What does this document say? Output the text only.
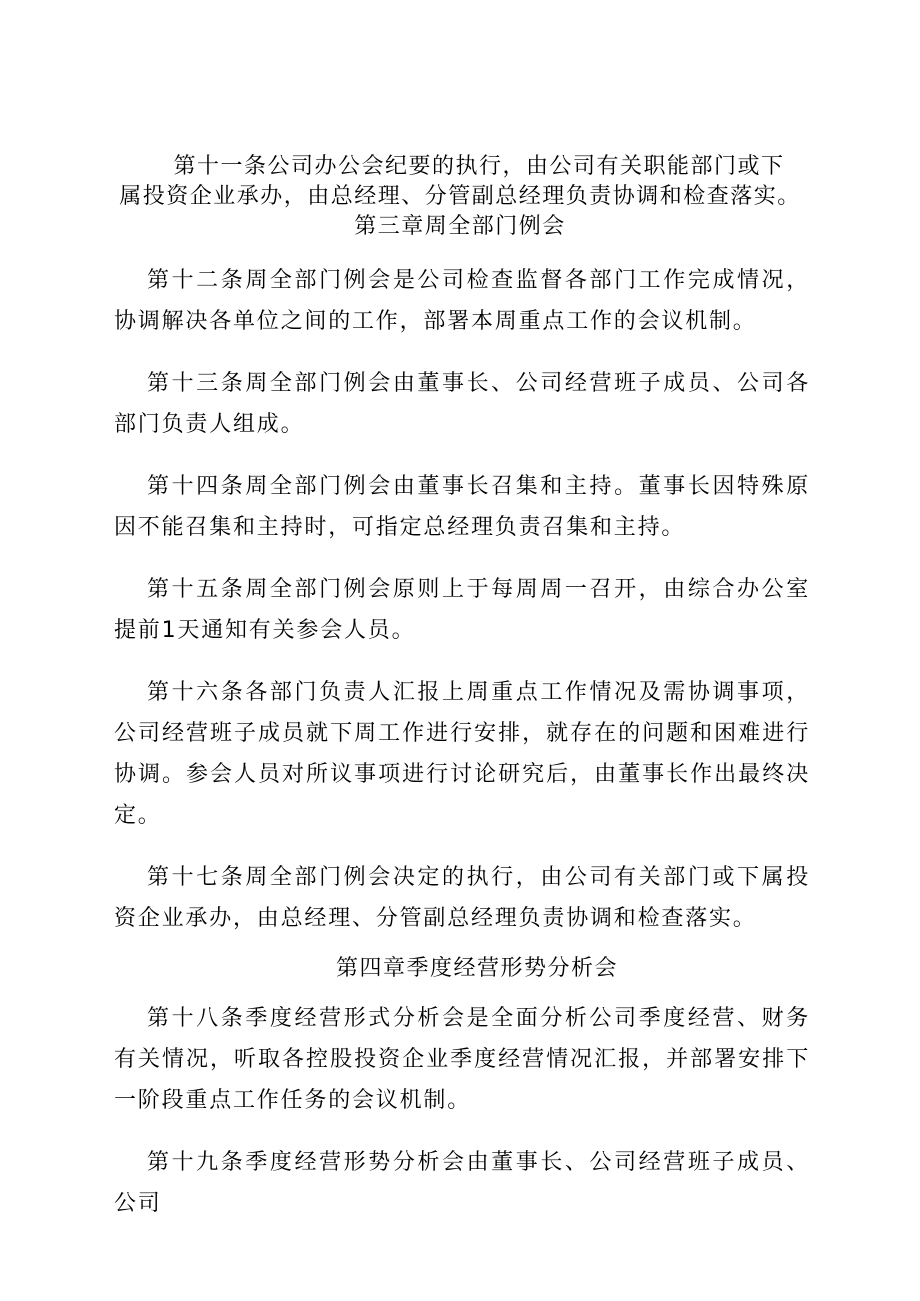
第十一条公司办公会纪要的执行，由公司有关职能部门或下

属投资企业承办，由总经理、分管副总经理负责协调和检查落实。

第三章周全部门例会

第十二条周全部门例会是公司检查监督各部门工作完成情况，协调解决各单位之间的工作，部署本周重点工作的会议机制。

第十三条周全部门例会由董事长、公司经营班子成员、公司各部门负责人组成。

第十四条周全部门例会由董事长召集和主持。董事长因特殊原因不能召集和主持时，可指定总经理负责召集和主持。

第十五条周全部门例会原则上于每周周一召开，由综合办公室提前1天通知有关参会人员。

第十六条各部门负责人汇报上周重点工作情况及需协调事项，公司经营班子成员就下周工作进行安排，就存在的问题和困难进行协调。参会人员对所议事项进行讨论研究后，由董事长作出最终决定。

第十七条周全部门例会决定的执行，由公司有关部门或下属投资企业承办，由总经理、分管副总经理负责协调和检查落实。

第四章季度经营形势分析会

第十八条季度经营形式分析会是全面分析公司季度经营、财务有关情况，听取各控股投资企业季度经营情况汇报，并部署安排下一阶段重点工作任务的会议机制。

第十九条季度经营形势分析会由董事长、公司经营班子成员、公司
